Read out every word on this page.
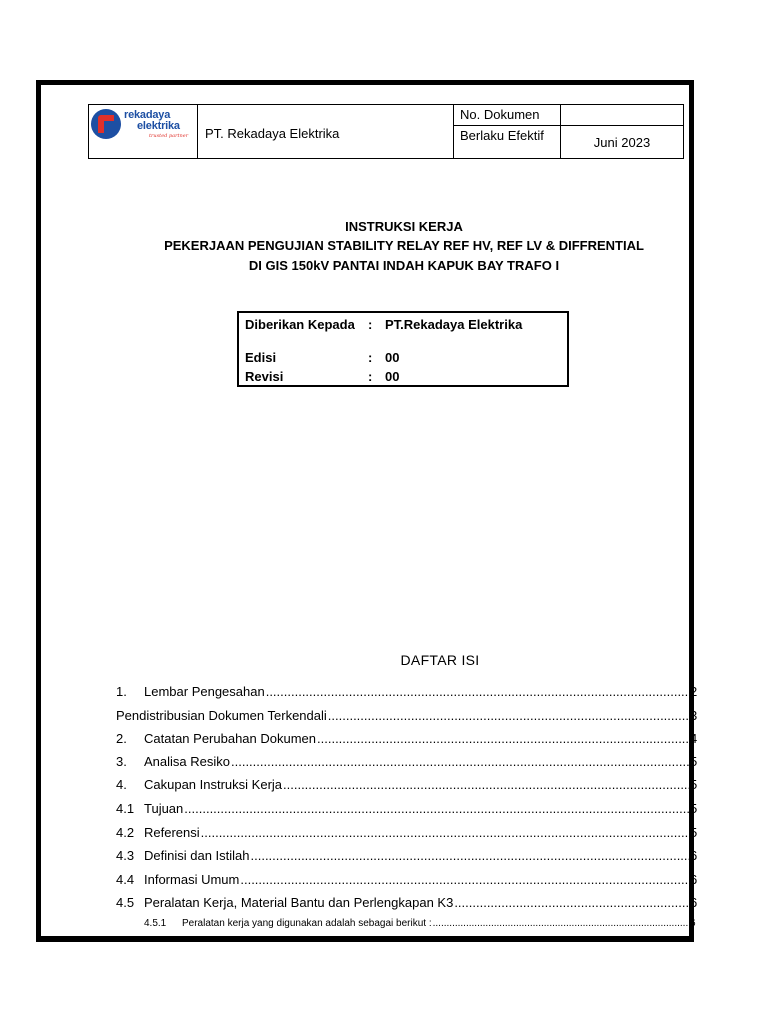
rekadaya
elektrika
trusted partner PT. Rekadaya Elektrika
No. Dokumen
Berlaku Efektif	Juni 2023
INSTRUKSI KERJA
PEKERJAAN PENGUJIAN STABILITY RELAY REF HV, REF LV & DIFFRENTIAL
DI GIS 150kV PANTAI INDAH KAPUK BAY TRAFO I
Diberikan Kepada : PT.Rekadaya Elektrika
Edisi	: 00
Revisi	: 00
DAFTAR ISI
1.	Lembar Pengesahan .....	2
Pendistribusian Dokumen Terkendali .....	3
2.	Catatan Perubahan Dokumen .....	4
3.	Analisa Resiko .....	5
4.	Cakupan Instruksi Kerja .....	5
4.1 Tujuan .....	5
4.2 Referensi .....	5
4.3 Definisi dan Istilah .....	6
4.4 Informasi Umum .....	6
4.5 Peralatan Kerja, Material Bantu dan Perlengkapan K3 .....	6
4.5.1	Peralatan kerja yang digunakan adalah sebagai berikut : .....	6
